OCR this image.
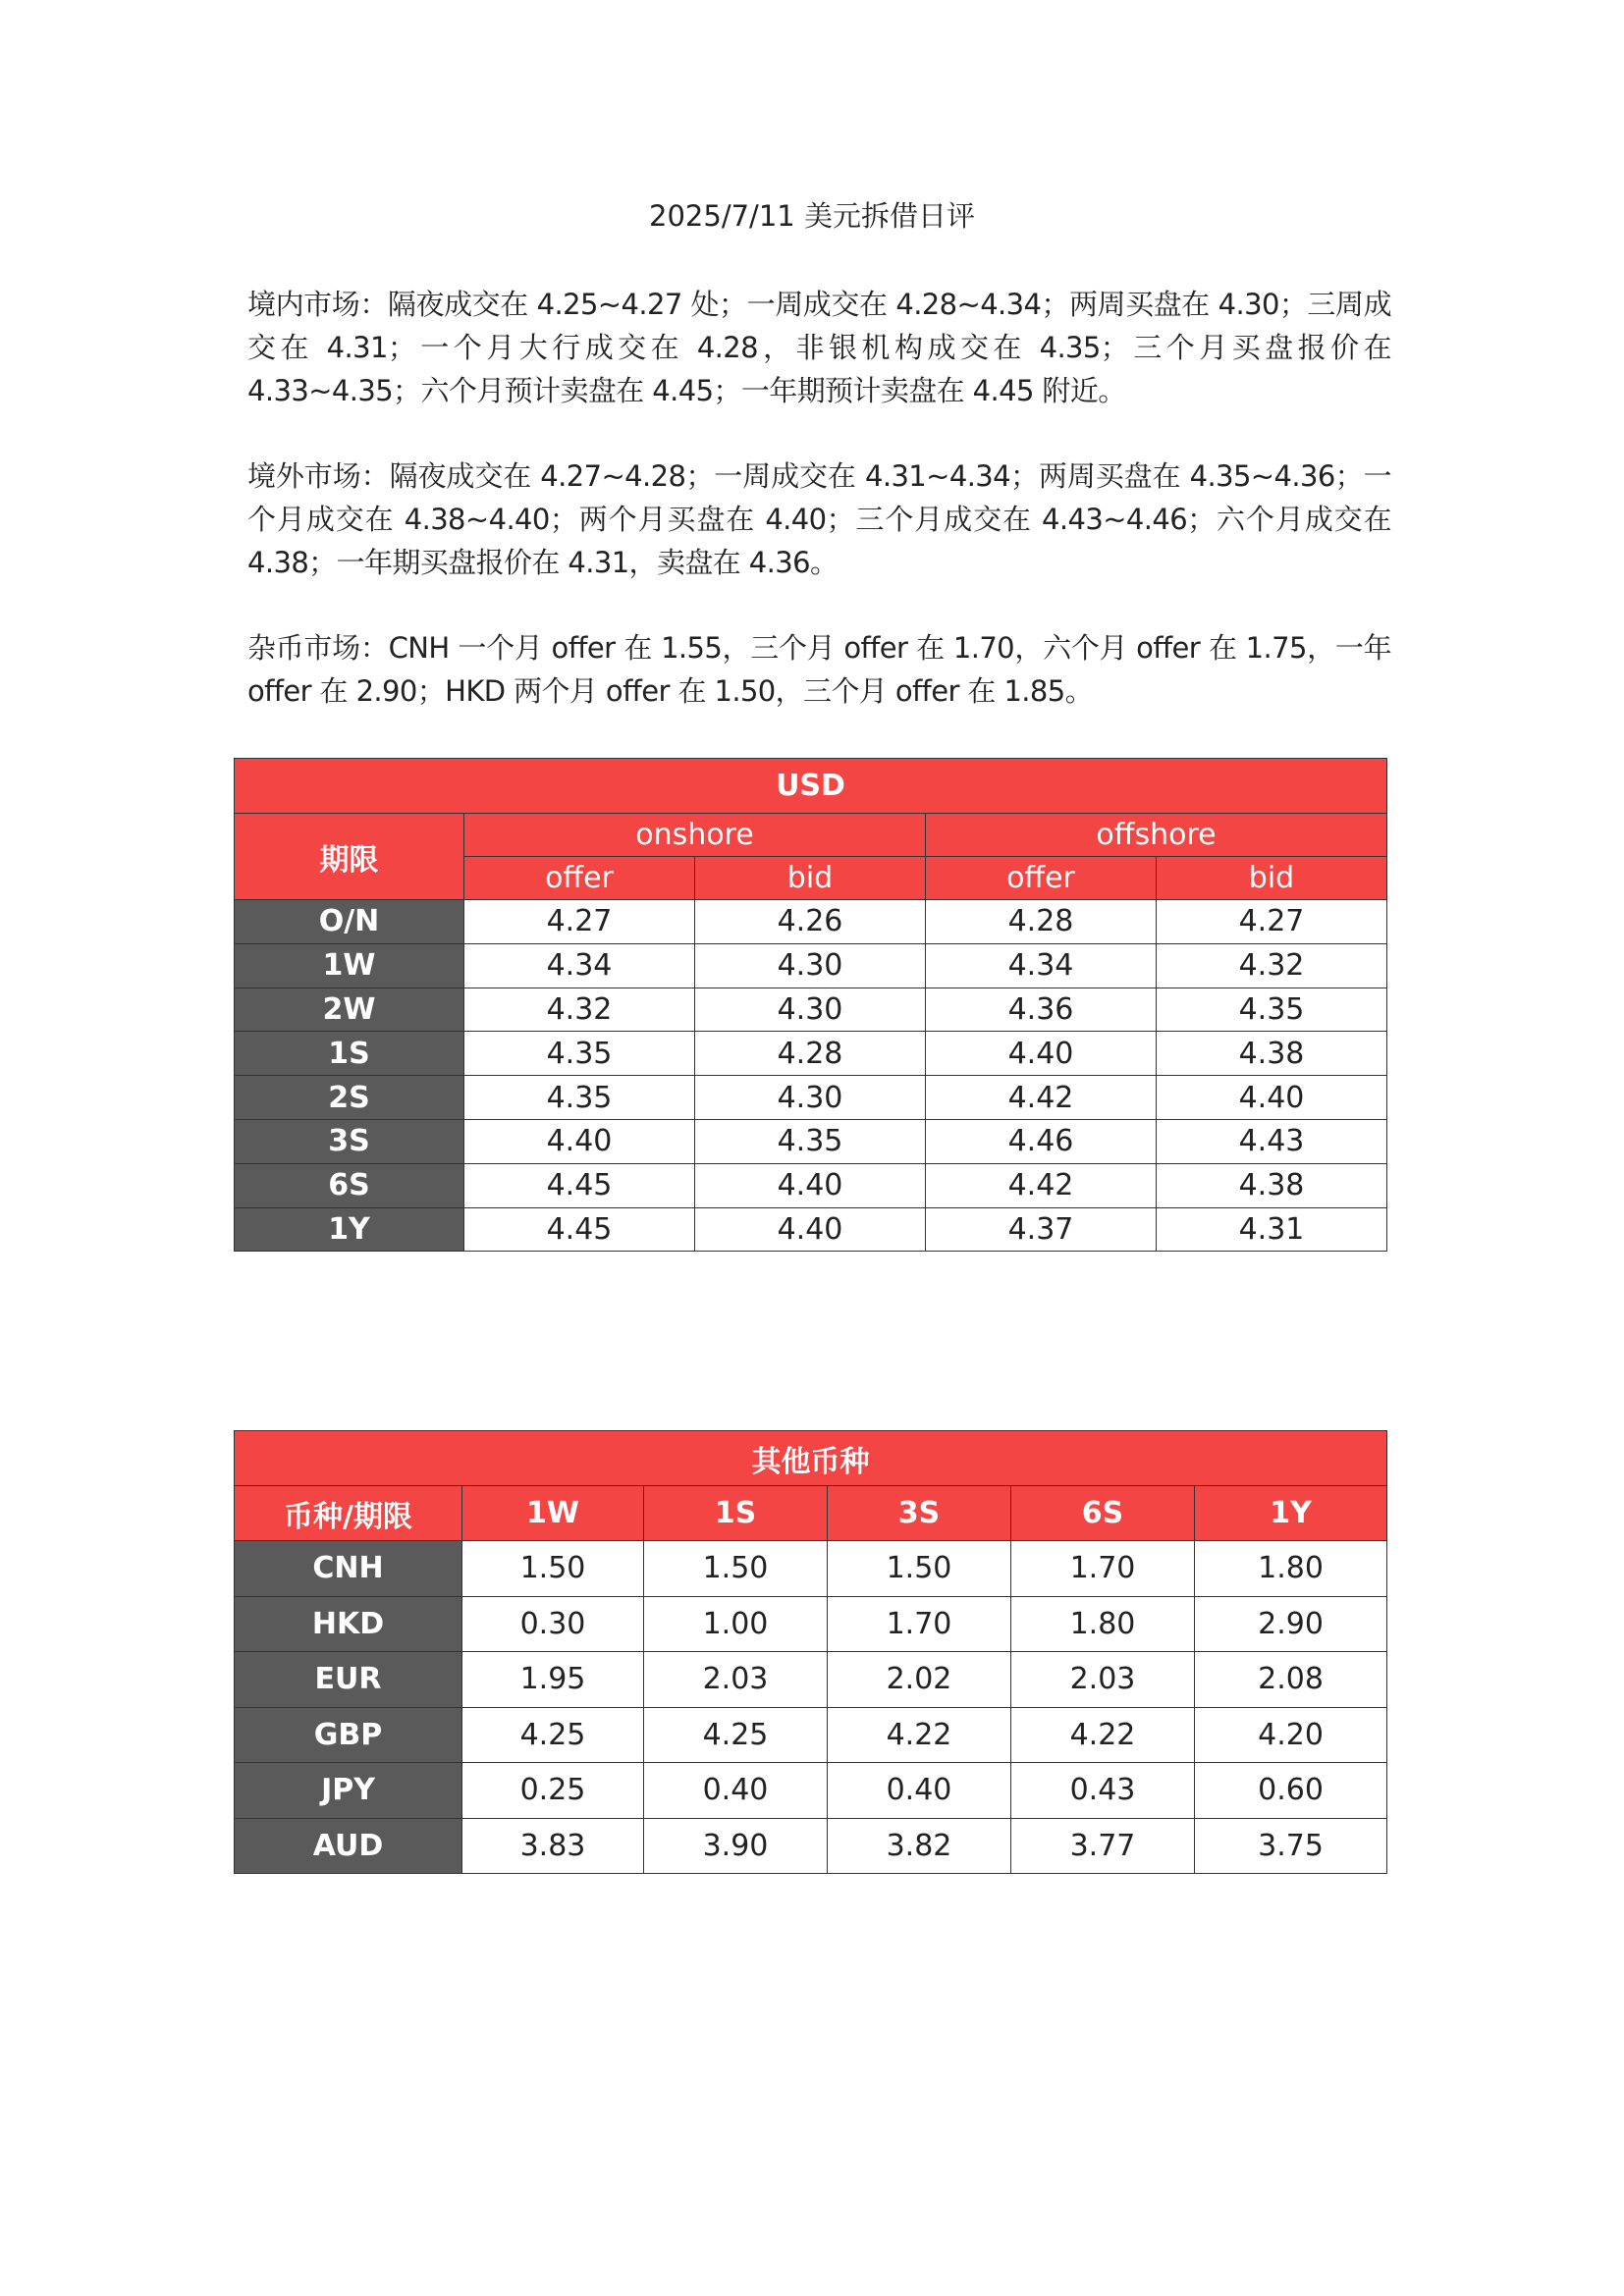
2025/7/11 美元拆借日评

境内市场：隔夜成交在 4.25~4.27 处；一周成交在 4.28~4.34；两周买盘在 4.30；三周成交在 4.31；一个月大行成交在 4.28，非银机构成交在 4.35；三个月买盘报价在 4.33~4.35；六个月预计卖盘在 4.45；一年期预计卖盘在 4.45 附近。

境外市场：隔夜成交在 4.27~4.28；一周成交在 4.31~4.34；两周买盘在 4.35~4.36；一个月成交在 4.38~4.40；两个月买盘在 4.40；三个月成交在 4.43~4.46；六个月成交在 4.38；一年期买盘报价在 4.31，卖盘在 4.36。

杂币市场：CNH 一个月 offer 在 1.55，三个月 offer 在 1.70，六个月 offer 在 1.75，一年 offer 在 2.90；HKD 两个月 offer 在 1.50，三个月 offer 在 1.85。

USD				
期限	onshore		offshore	
	offer	bid	offer	bid
O/N	4.27	4.26	4.28	4.27
1W	4.34	4.30	4.34	4.32
2W	4.32	4.30	4.36	4.35
1S	4.35	4.28	4.40	4.38
2S	4.35	4.30	4.42	4.40
3S	4.40	4.35	4.46	4.43
6S	4.45	4.40	4.42	4.38
1Y	4.45	4.40	4.37	4.31
其他币种					
币种/期限	1W	1S	3S	6S	1Y
CNH	1.50	1.50	1.50	1.70	1.80
HKD	0.30	1.00	1.70	1.80	2.90
EUR	1.95	2.03	2.02	2.03	2.08
GBP	4.25	4.25	4.22	4.22	4.20
JPY	0.25	0.40	0.40	0.43	0.60
AUD	3.83	3.90	3.82	3.77	3.75
